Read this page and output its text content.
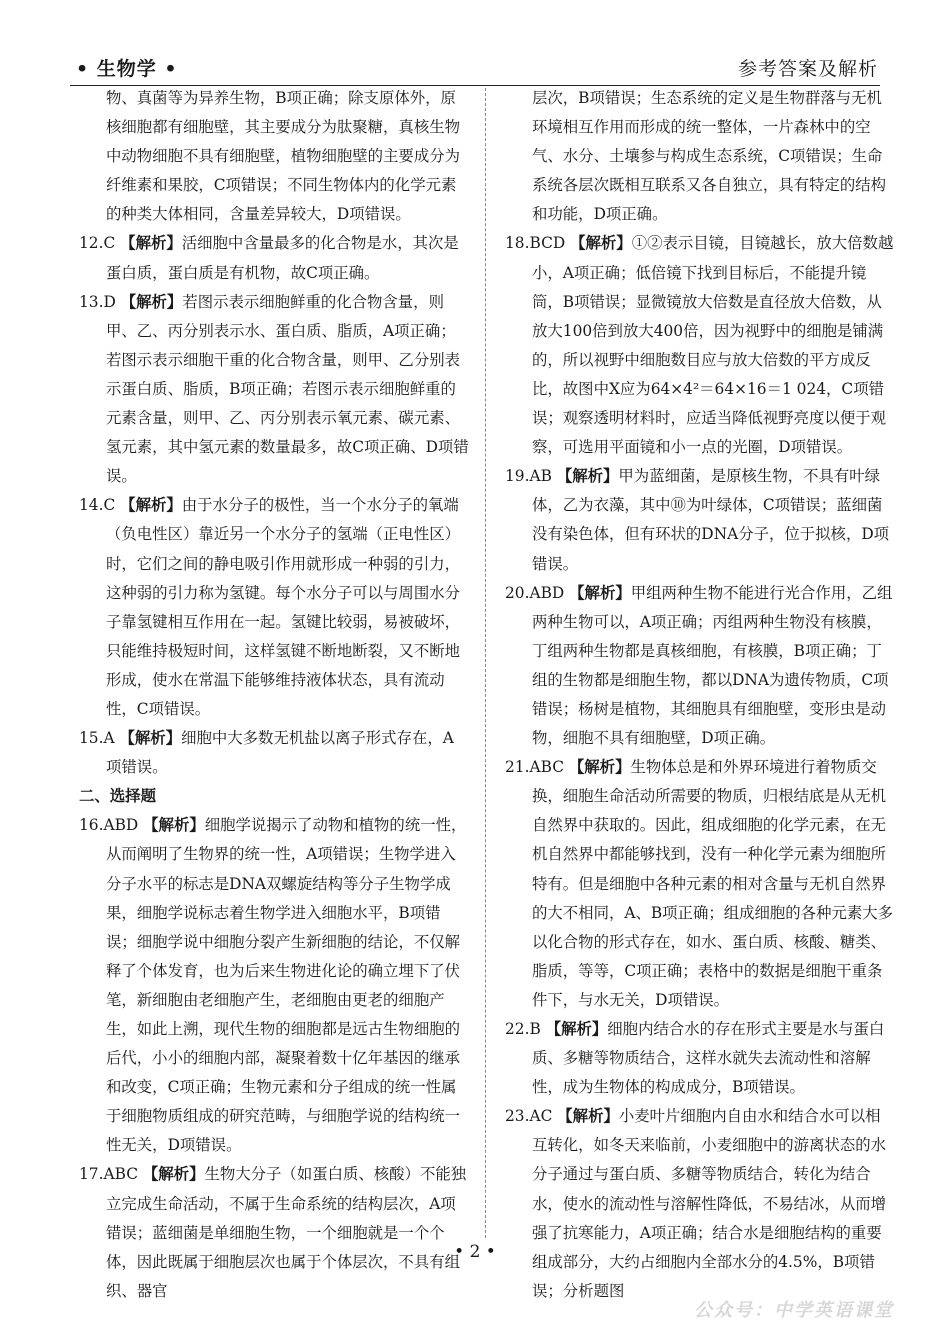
• 生物学 •	参考答案及解析
物、真菌等为异养生物，B项正确；除支原体外，原核细胞都有细胞壁，其主要成分为肽聚糖，真核生物中动物细胞不具有细胞壁，植物细胞壁的主要成分为纤维素和果胶，C项错误；不同生物体内的化学元素的种类大体相同，含量差异较大，D项错误。
12.C 【解析】活细胞中含量最多的化合物是水，其次是蛋白质，蛋白质是有机物，故C项正确。
13.D 【解析】若图示表示细胞鲜重的化合物含量，则甲、乙、丙分别表示水、蛋白质、脂质，A项正确；若图示表示细胞干重的化合物含量，则甲、乙分别表示蛋白质、脂质，B项正确；若图示表示细胞鲜重的元素含量，则甲、乙、丙分别表示氧元素、碳元素、氢元素，其中氢元素的数量最多，故C项正确、D项错误。
14.C 【解析】由于水分子的极性，当一个水分子的氧端（负电性区）靠近另一个水分子的氢端（正电性区）时，它们之间的静电吸引作用就形成一种弱的引力，这种弱的引力称为氢键。每个水分子可以与周围水分子靠氢键相互作用在一起。氢键比较弱，易被破坏，只能维持极短时间，这样氢键不断地断裂，又不断地形成，使水在常温下能够维持液体状态，具有流动性，C项错误。
15.A 【解析】细胞中大多数无机盐以离子形式存在，A项错误。
二、选择题
16.ABD 【解析】细胞学说揭示了动物和植物的统一性，从而阐明了生物界的统一性，A项错误；生物学进入分子水平的标志是DNA双螺旋结构等分子生物学成果，细胞学说标志着生物学进入细胞水平，B项错误；细胞学说中细胞分裂产生新细胞的结论，不仅解释了个体发育，也为后来生物进化论的确立埋下了伏笔，新细胞由老细胞产生，老细胞由更老的细胞产生，如此上溯，现代生物的细胞都是远古生物细胞的后代，小小的细胞内部，凝聚着数十亿年基因的继承和改变，C项正确；生物元素和分子组成的统一性属于细胞物质组成的研究范畴，与细胞学说的结构统一性无关，D项错误。
17.ABC 【解析】生物大分子（如蛋白质、核酸）不能独立完成生命活动，不属于生命系统的结构层次，A项错误；蓝细菌是单细胞生物，一个细胞就是一个个体，因此既属于细胞层次也属于个体层次，不具有组织、器官
层次，B项错误；生态系统的定义是生物群落与无机环境相互作用而形成的统一整体，一片森林中的空气、水分、土壤参与构成生态系统，C项错误；生命系统各层次既相互联系又各自独立，具有特定的结构和功能，D项正确。
18.BCD 【解析】①②表示目镜，目镜越长，放大倍数越小，A项正确；低倍镜下找到目标后，不能提升镜筒，B项错误；显微镜放大倍数是直径放大倍数，从放大100倍到放大400倍，因为视野中的细胞是铺满的，所以视野中细胞数目应与放大倍数的平方成反比，故图中X应为64×4²＝64×16＝1 024，C项错误；观察透明材料时，应适当降低视野亮度以便于观察，可选用平面镜和小一点的光圈，D项错误。
19.AB 【解析】甲为蓝细菌，是原核生物，不具有叶绿体，乙为衣藻，其中⑩为叶绿体，C项错误；蓝细菌没有染色体，但有环状的DNA分子，位于拟核，D项错误。
20.ABD 【解析】甲组两种生物不能进行光合作用，乙组两种生物可以，A项正确；丙组两种生物没有核膜，丁组两种生物都是真核细胞，有核膜，B项正确；丁组的生物都是细胞生物，都以DNA为遗传物质，C项错误；杨树是植物，其细胞具有细胞壁，变形虫是动物，细胞不具有细胞壁，D项正确。
21.ABC 【解析】生物体总是和外界环境进行着物质交换，细胞生命活动所需要的物质，归根结底是从无机自然界中获取的。因此，组成细胞的化学元素，在无机自然界中都能够找到，没有一种化学元素为细胞所特有。但是细胞中各种元素的相对含量与无机自然界的大不相同，A、B项正确；组成细胞的各种元素大多以化合物的形式存在，如水、蛋白质、核酸、糖类、脂质，等等，C项正确；表格中的数据是细胞干重条件下，与水无关，D项错误。
22.B 【解析】细胞内结合水的存在形式主要是水与蛋白质、多糖等物质结合，这样水就失去流动性和溶解性，成为生物体的构成成分，B项错误。
23.AC 【解析】小麦叶片细胞内自由水和结合水可以相互转化，如冬天来临前，小麦细胞中的游离状态的水分子通过与蛋白质、多糖等物质结合，转化为结合水，使水的流动性与溶解性降低，不易结冰，从而增强了抗寒能力，A项正确；结合水是细胞结构的重要组成部分，大约占细胞内全部水分的4.5%，B项错误；分析题图
• 2 •
公众号：中学英语课堂
